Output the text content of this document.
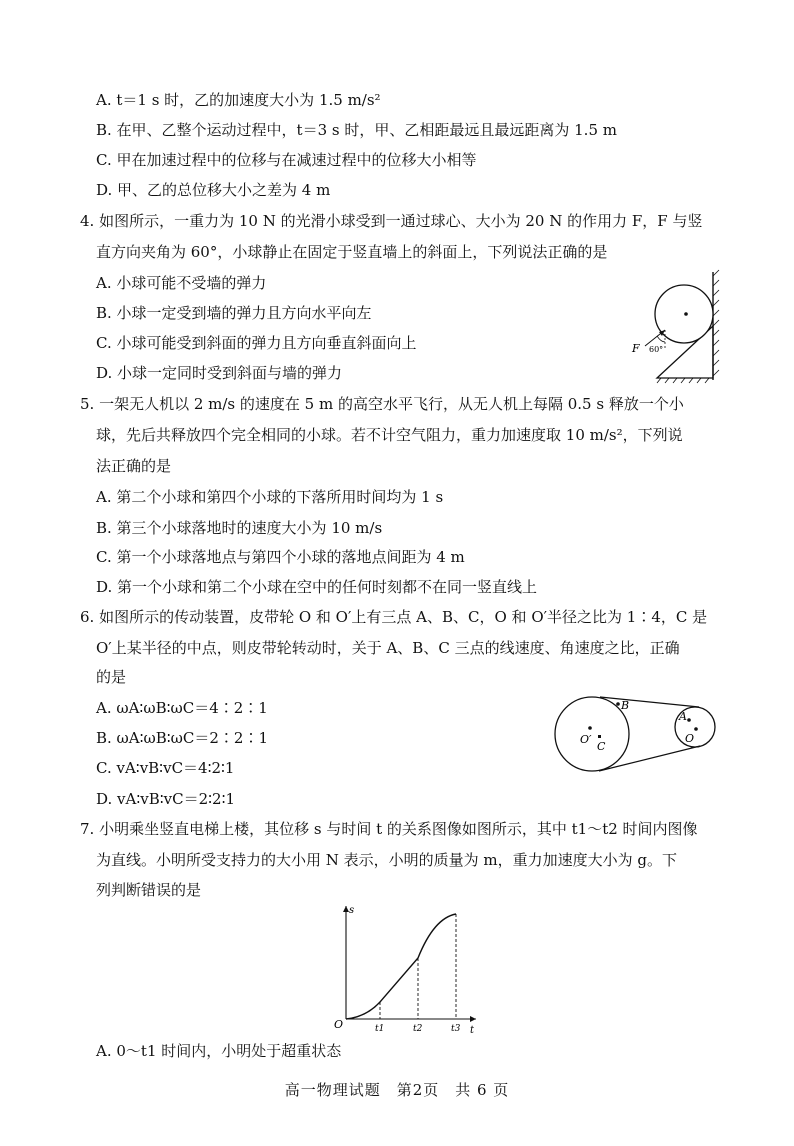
A. t＝1 s 时，乙的加速度大小为 1.5 m/s²
B. 在甲、乙整个运动过程中，t＝3 s 时，甲、乙相距最远且最远距离为 1.5 m
C. 甲在加速过程中的位移与在减速过程中的位移大小相等
D. 甲、乙的总位移大小之差为 4 m
4. 如图所示，一重力为 10 N 的光滑小球受到一通过球心、大小为 20 N 的作用力 F，F 与竖
直方向夹角为 60°，小球静止在固定于竖直墙上的斜面上，下列说法正确的是
A. 小球可能不受墙的弹力
B. 小球一定受到墙的弹力且方向水平向左
C. 小球可能受到斜面的弹力且方向垂直斜面向上
D. 小球一定同时受到斜面与墙的弹力
F 60°
5. 一架无人机以 2 m/s 的速度在 5 m 的高空水平飞行，从无人机上每隔 0.5 s 释放一个小
球，先后共释放四个完全相同的小球。若不计空气阻力，重力加速度取 10 m/s²，下列说
法正确的是
A. 第二个小球和第四个小球的下落所用时间均为 1 s
B. 第三个小球落地时的速度大小为 10 m/s
C. 第一个小球落地点与第四个小球的落地点间距为 4 m
D. 第一个小球和第二个小球在空中的任何时刻都不在同一竖直线上
6. 如图所示的传动装置，皮带轮 O 和 O′上有三点 A、B、C，O 和 O′半径之比为 1∶4，C 是
O′上某半径的中点，则皮带轮转动时，关于 A、B、C 三点的线速度、角速度之比，正确
的是
A. ωA∶ωB∶ωC＝4∶2∶1
B. ωA∶ωB∶ωC＝2∶2∶1
C. vA∶vB∶vC＝4∶2∶1
D. vA∶vB∶vC＝2∶2∶1
B
O′
C
A
O
7. 小明乘坐竖直电梯上楼，其位移 s 与时间 t 的关系图像如图所示，其中 t1～t2 时间内图像
为直线。小明所受支持力的大小用 N 表示，小明的质量为 m，重力加速度大小为 g。下
列判断错误的是
s
t
O	t1	t2	t3
A. 0～t1 时间内，小明处于超重状态
高一物理试题　第2页　共 6 页
